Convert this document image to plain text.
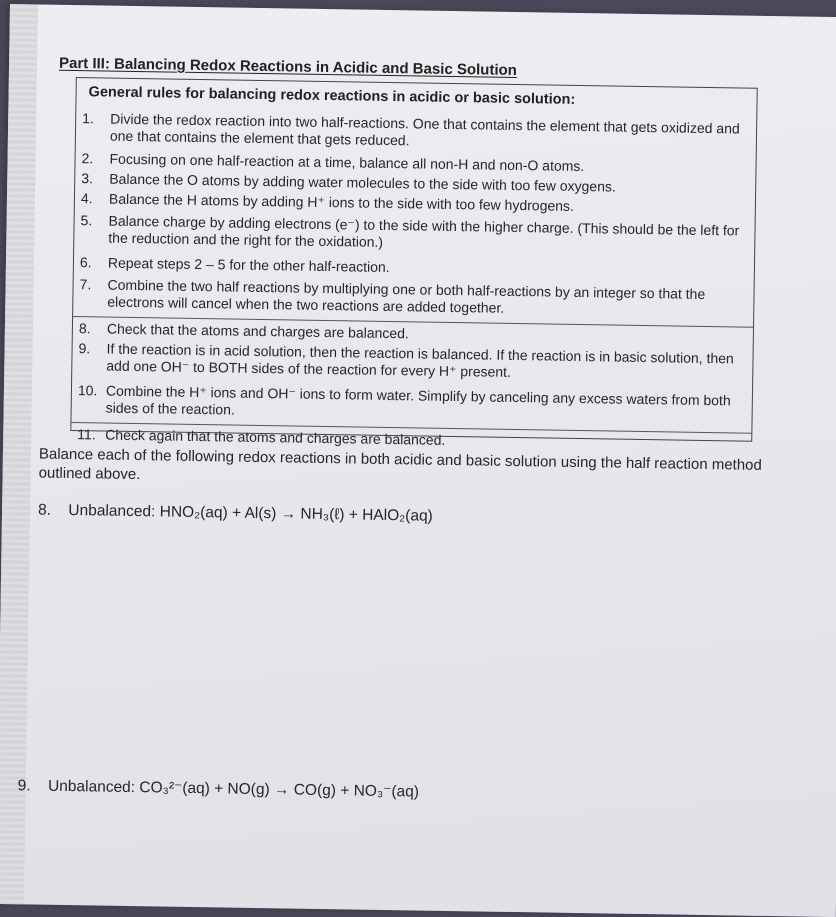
Part III: Balancing Redox Reactions in Acidic and Basic Solution
General rules for balancing redox reactions in acidic or basic solution:
1.	Divide the redox reaction into two half-reactions. One that contains the element that gets oxidized and one that contains the element that gets reduced.
2.	Focusing on one half-reaction at a time, balance all non-H and non-O atoms.
3.	Balance the O atoms by adding water molecules to the side with too few oxygens.
4.	Balance the H atoms by adding H⁺ ions to the side with too few hydrogens.
5.	Balance charge by adding electrons (e⁻) to the side with the higher charge. (This should be the left for the reduction and the right for the oxidation.)
6.	Repeat steps 2 – 5 for the other half-reaction.
7.	Combine the two half reactions by multiplying one or both half-reactions by an integer so that the electrons will cancel when the two reactions are added together.
8.	Check that the atoms and charges are balanced.
9.	If the reaction is in acid solution, then the reaction is balanced. If the reaction is in basic solution, then add one OH⁻ to BOTH sides of the reaction for every H⁺ present.
10. Combine the H⁺ ions and OH⁻ ions to form water. Simplify by canceling any excess waters from both sides of the reaction.
11. Check again that the atoms and charges are balanced.
Balance each of the following redox reactions in both acidic and basic solution using the half reaction method outlined above.
8. Unbalanced: HNO₂(aq) + Al(s) → NH₃(ℓ) + HAlO₂(aq)
9. Unbalanced: CO₃²⁻(aq) + NO(g) → CO(g) + NO₃⁻(aq)
